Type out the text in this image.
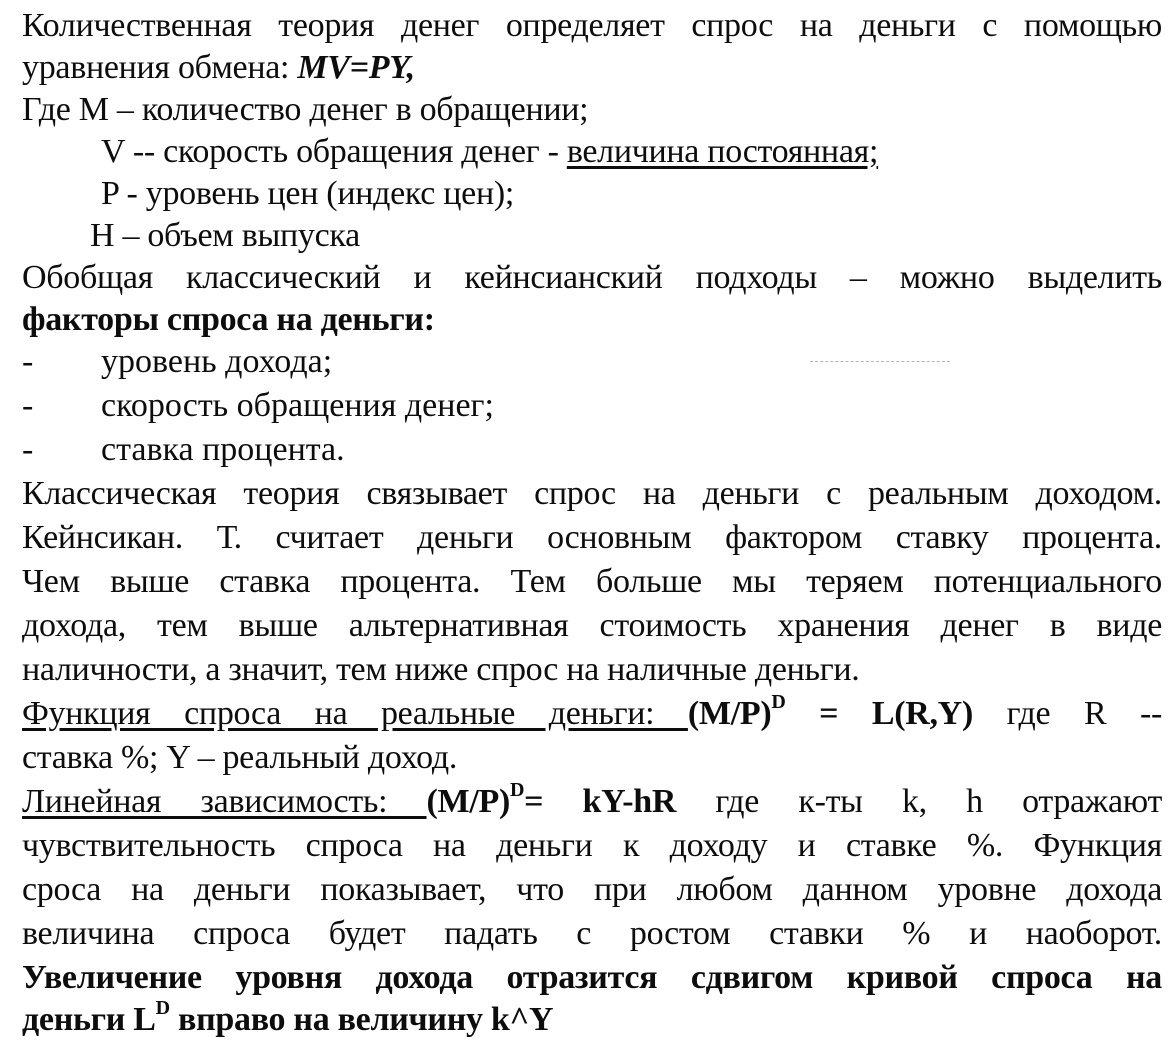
Количественная теория денег определяет спрос на деньги с помощью
уравнения обмена: MV=PY,
Где M – количество денег в обращении;
V -- скорость обращения денег - величина постоянная;
P - уровень цен (индекс цен);
H – объем выпуска
Обобщая классический и кейнсианский подходы – можно выделить
факторы спроса на деньги:
- уровень дохода;
- скорость обращения денег;
- ставка процента.
Классическая теория связывает спрос на деньги с реальным доходом.
Кейнсикан. Т. считает деньги основным фактором ставку процента.
Чем выше ставка процента. Тем больше мы теряем потенциального
дохода, тем выше альтернативная стоимость хранения денег в виде
наличности, а значит, тем ниже спрос на наличные деньги.
Функция спроса на реальные деньги: $(M/P)^D = L(R,Y)$ где R --
ставка %; Y – реальный доход.
Линейная зависимость: $(M/P)^D= kY-hR$ где к-ты k, h отражают
чувствительность спроса на деньги к доходу и ставке %. Функция
сроса на деньги показывает, что при любом данном уровне дохода
величина спроса будет падать с ростом ставки % и наоборот.
Увеличение уровня дохода отразится сдвигом кривой спроса на
деньги $L^D$ вправо на величину k^Y
